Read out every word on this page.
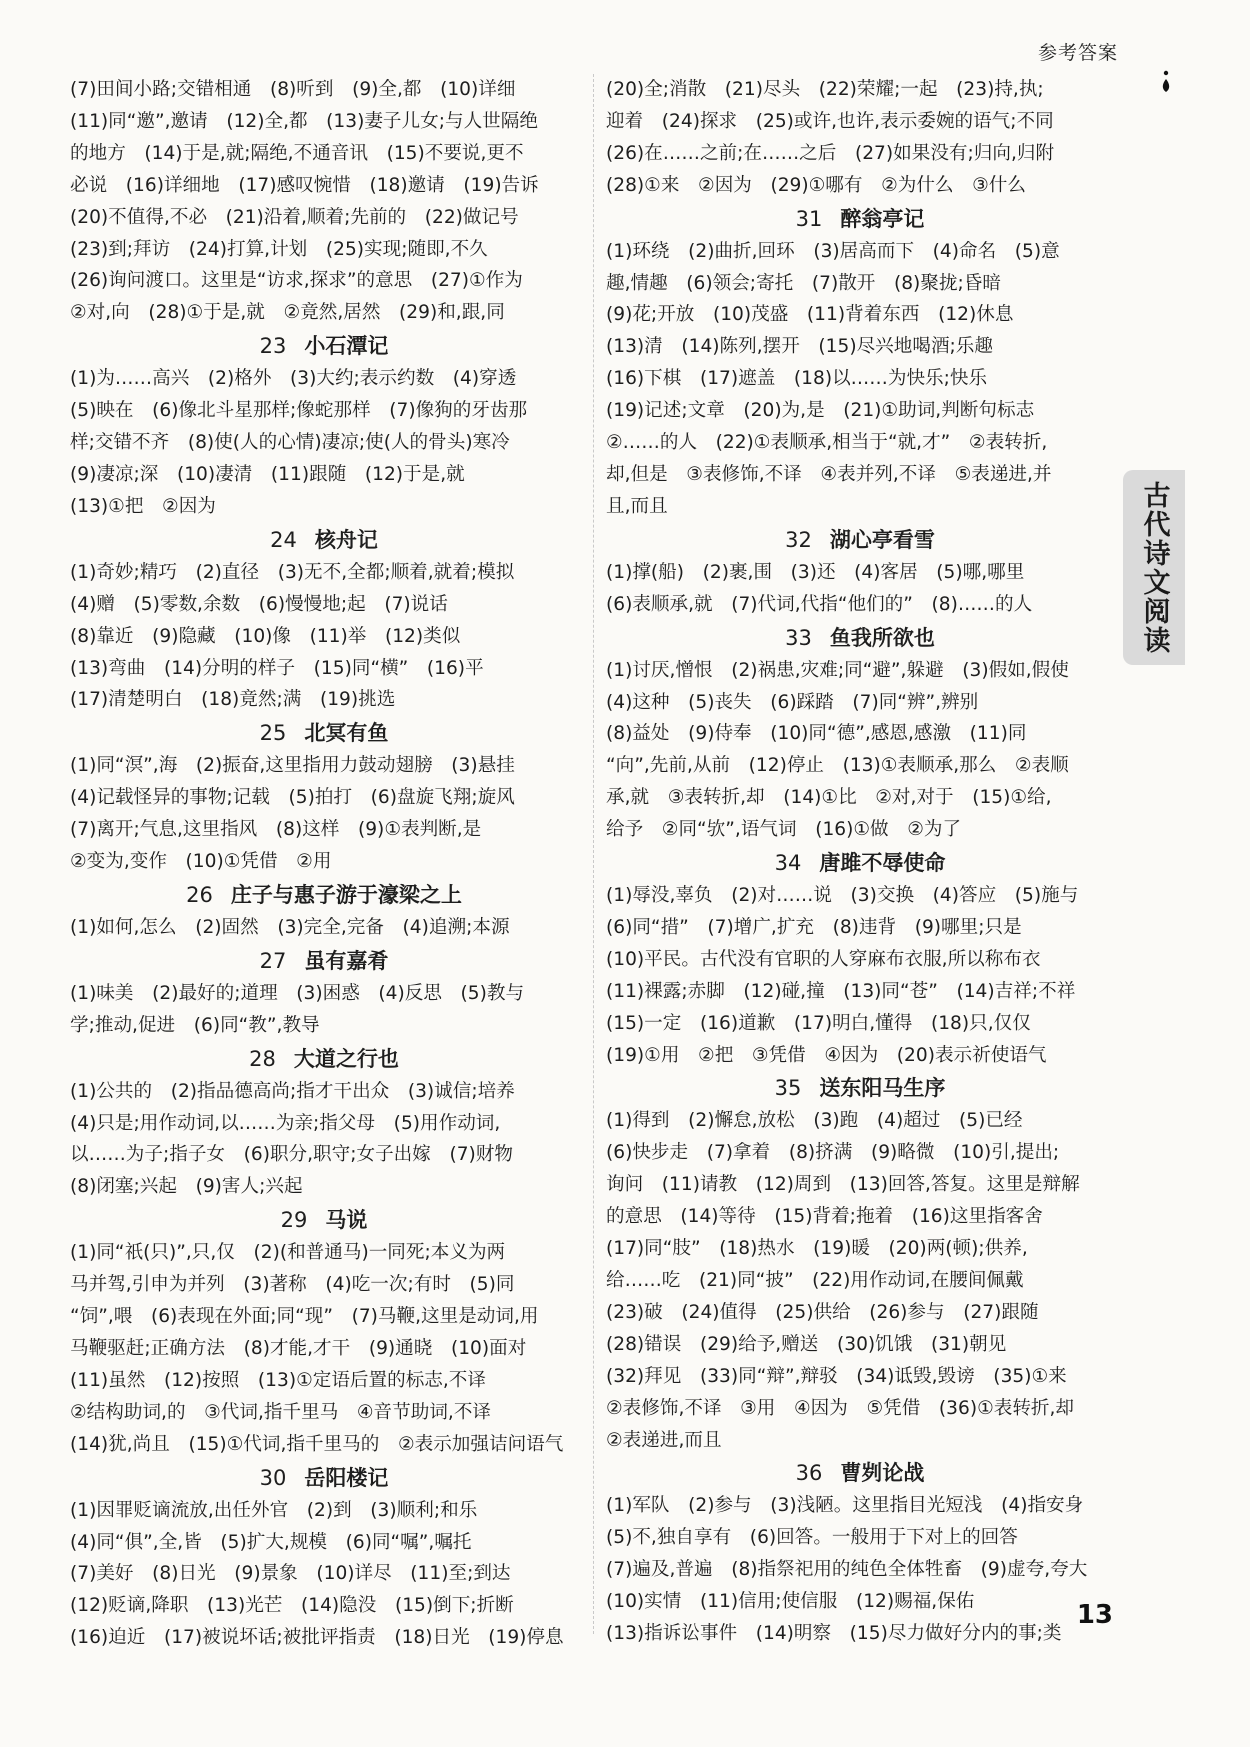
参考答案
(7)田间小路;交错相通　(8)听到　(9)全,都　(10)详细
(11)同“邀”,邀请　(12)全,都　(13)妻子儿女;与人世隔绝
的地方　(14)于是,就;隔绝,不通音讯　(15)不要说,更不
必说　(16)详细地　(17)感叹惋惜　(18)邀请　(19)告诉
(20)不值得,不必　(21)沿着,顺着;先前的　(22)做记号
(23)到;拜访　(24)打算,计划　(25)实现;随即,不久
(26)询问渡口。这里是“访求,探求”的意思　(27)①作为
②对,向　(28)①于是,就　②竟然,居然　(29)和,跟,同
23 小石潭记
(1)为……高兴　(2)格外　(3)大约;表示约数　(4)穿透
(5)映在　(6)像北斗星那样;像蛇那样　(7)像狗的牙齿那
样;交错不齐　(8)使(人的心情)凄凉;使(人的骨头)寒冷
(9)凄凉;深　(10)凄清　(11)跟随　(12)于是,就
(13)①把　②因为
24 核舟记
(1)奇妙;精巧　(2)直径　(3)无不,全都;顺着,就着;模拟
(4)赠　(5)零数,余数　(6)慢慢地;起　(7)说话
(8)靠近　(9)隐藏　(10)像　(11)举　(12)类似
(13)弯曲　(14)分明的样子　(15)同“横”　(16)平
(17)清楚明白　(18)竟然;满　(19)挑选
25 北冥有鱼
(1)同“溟”,海　(2)振奋,这里指用力鼓动翅膀　(3)悬挂
(4)记载怪异的事物;记载　(5)拍打　(6)盘旋飞翔;旋风
(7)离开;气息,这里指风　(8)这样　(9)①表判断,是
②变为,变作　(10)①凭借　②用
26 庄子与惠子游于濠梁之上
(1)如何,怎么　(2)固然　(3)完全,完备　(4)追溯;本源
27 虽有嘉肴
(1)味美　(2)最好的;道理　(3)困惑　(4)反思　(5)教与
学;推动,促进　(6)同“教”,教导
28 大道之行也
(1)公共的　(2)指品德高尚;指才干出众　(3)诚信;培养
(4)只是;用作动词,以……为亲;指父母　(5)用作动词,
以……为子;指子女　(6)职分,职守;女子出嫁　(7)财物
(8)闭塞;兴起　(9)害人;兴起
29 马说
(1)同“祇(只)”,只,仅　(2)(和普通马)一同死;本义为两
马并驾,引申为并列　(3)著称　(4)吃一次;有时　(5)同
“饲”,喂　(6)表现在外面;同“现”　(7)马鞭,这里是动词,用
马鞭驱赶;正确方法　(8)才能,才干　(9)通晓　(10)面对
(11)虽然　(12)按照　(13)①定语后置的标志,不译
②结构助词,的　③代词,指千里马　④音节助词,不译
(14)犹,尚且　(15)①代词,指千里马的　②表示加强诘问语气
30 岳阳楼记
(1)因罪贬谪流放,出任外官　(2)到　(3)顺利;和乐
(4)同“俱”,全,皆　(5)扩大,规模　(6)同“嘱”,嘱托
(7)美好　(8)日光　(9)景象　(10)详尽　(11)至;到达
(12)贬谪,降职　(13)光芒　(14)隐没　(15)倒下;折断
(16)迫近　(17)被说坏话;被批评指责　(18)日光　(19)停息
(20)全;消散　(21)尽头　(22)荣耀;一起　(23)持,执;
迎着　(24)探求　(25)或许,也许,表示委婉的语气;不同
(26)在……之前;在……之后　(27)如果没有;归向,归附
(28)①来　②因为　(29)①哪有　②为什么　③什么
31 醉翁亭记
(1)环绕　(2)曲折,回环　(3)居高而下　(4)命名　(5)意
趣,情趣　(6)领会;寄托　(7)散开　(8)聚拢;昏暗
(9)花;开放　(10)茂盛　(11)背着东西　(12)休息
(13)清　(14)陈列,摆开　(15)尽兴地喝酒;乐趣
(16)下棋　(17)遮盖　(18)以……为快乐;快乐
(19)记述;文章　(20)为,是　(21)①助词,判断句标志
②……的人　(22)①表顺承,相当于“就,才”　②表转折,
却,但是　③表修饰,不译　④表并列,不译　⑤表递进,并
且,而且
32 湖心亭看雪
(1)撑(船)　(2)裹,围　(3)还　(4)客居　(5)哪,哪里
(6)表顺承,就　(7)代词,代指“他们的”　(8)……的人
33 鱼我所欲也
(1)讨厌,憎恨　(2)祸患,灾难;同“避”,躲避　(3)假如,假使
(4)这种　(5)丧失　(6)踩踏　(7)同“辨”,辨别
(8)益处　(9)侍奉　(10)同“德”,感恩,感激　(11)同
“向”,先前,从前　(12)停止　(13)①表顺承,那么　②表顺
承,就　③表转折,却　(14)①比　②对,对于　(15)①给,
给予　②同“欤”,语气词　(16)①做　②为了
34 唐雎不辱使命
(1)辱没,辜负　(2)对……说　(3)交换　(4)答应　(5)施与
(6)同“措”　(7)增广,扩充　(8)违背　(9)哪里;只是
(10)平民。古代没有官职的人穿麻布衣服,所以称布衣
(11)裸露;赤脚　(12)碰,撞　(13)同“苍”　(14)吉祥;不祥
(15)一定　(16)道歉　(17)明白,懂得　(18)只,仅仅
(19)①用　②把　③凭借　④因为　(20)表示祈使语气
35 送东阳马生序
(1)得到　(2)懈怠,放松　(3)跑　(4)超过　(5)已经
(6)快步走　(7)拿着　(8)挤满　(9)略微　(10)引,提出;
询问　(11)请教　(12)周到　(13)回答,答复。这里是辩解
的意思　(14)等待　(15)背着;拖着　(16)这里指客舍
(17)同“肢”　(18)热水　(19)暖　(20)两(顿);供养,
给……吃　(21)同“披”　(22)用作动词,在腰间佩戴
(23)破　(24)值得　(25)供给　(26)参与　(27)跟随
(28)错误　(29)给予,赠送　(30)饥饿　(31)朝见
(32)拜见　(33)同“辩”,辩驳　(34)诋毁,毁谤　(35)①来
②表修饰,不译　③用　④因为　⑤凭借　(36)①表转折,却
②表递进,而且
36 曹刿论战
(1)军队　(2)参与　(3)浅陋。这里指目光短浅　(4)指安身
(5)不,独自享有　(6)回答。一般用于下对上的回答
(7)遍及,普遍　(8)指祭祀用的纯色全体牲畜　(9)虚夸,夸大
(10)实情　(11)信用;使信服　(12)赐福,保佑
(13)指诉讼事件　(14)明察　(15)尽力做好分内的事;类
古代诗文阅读
13
